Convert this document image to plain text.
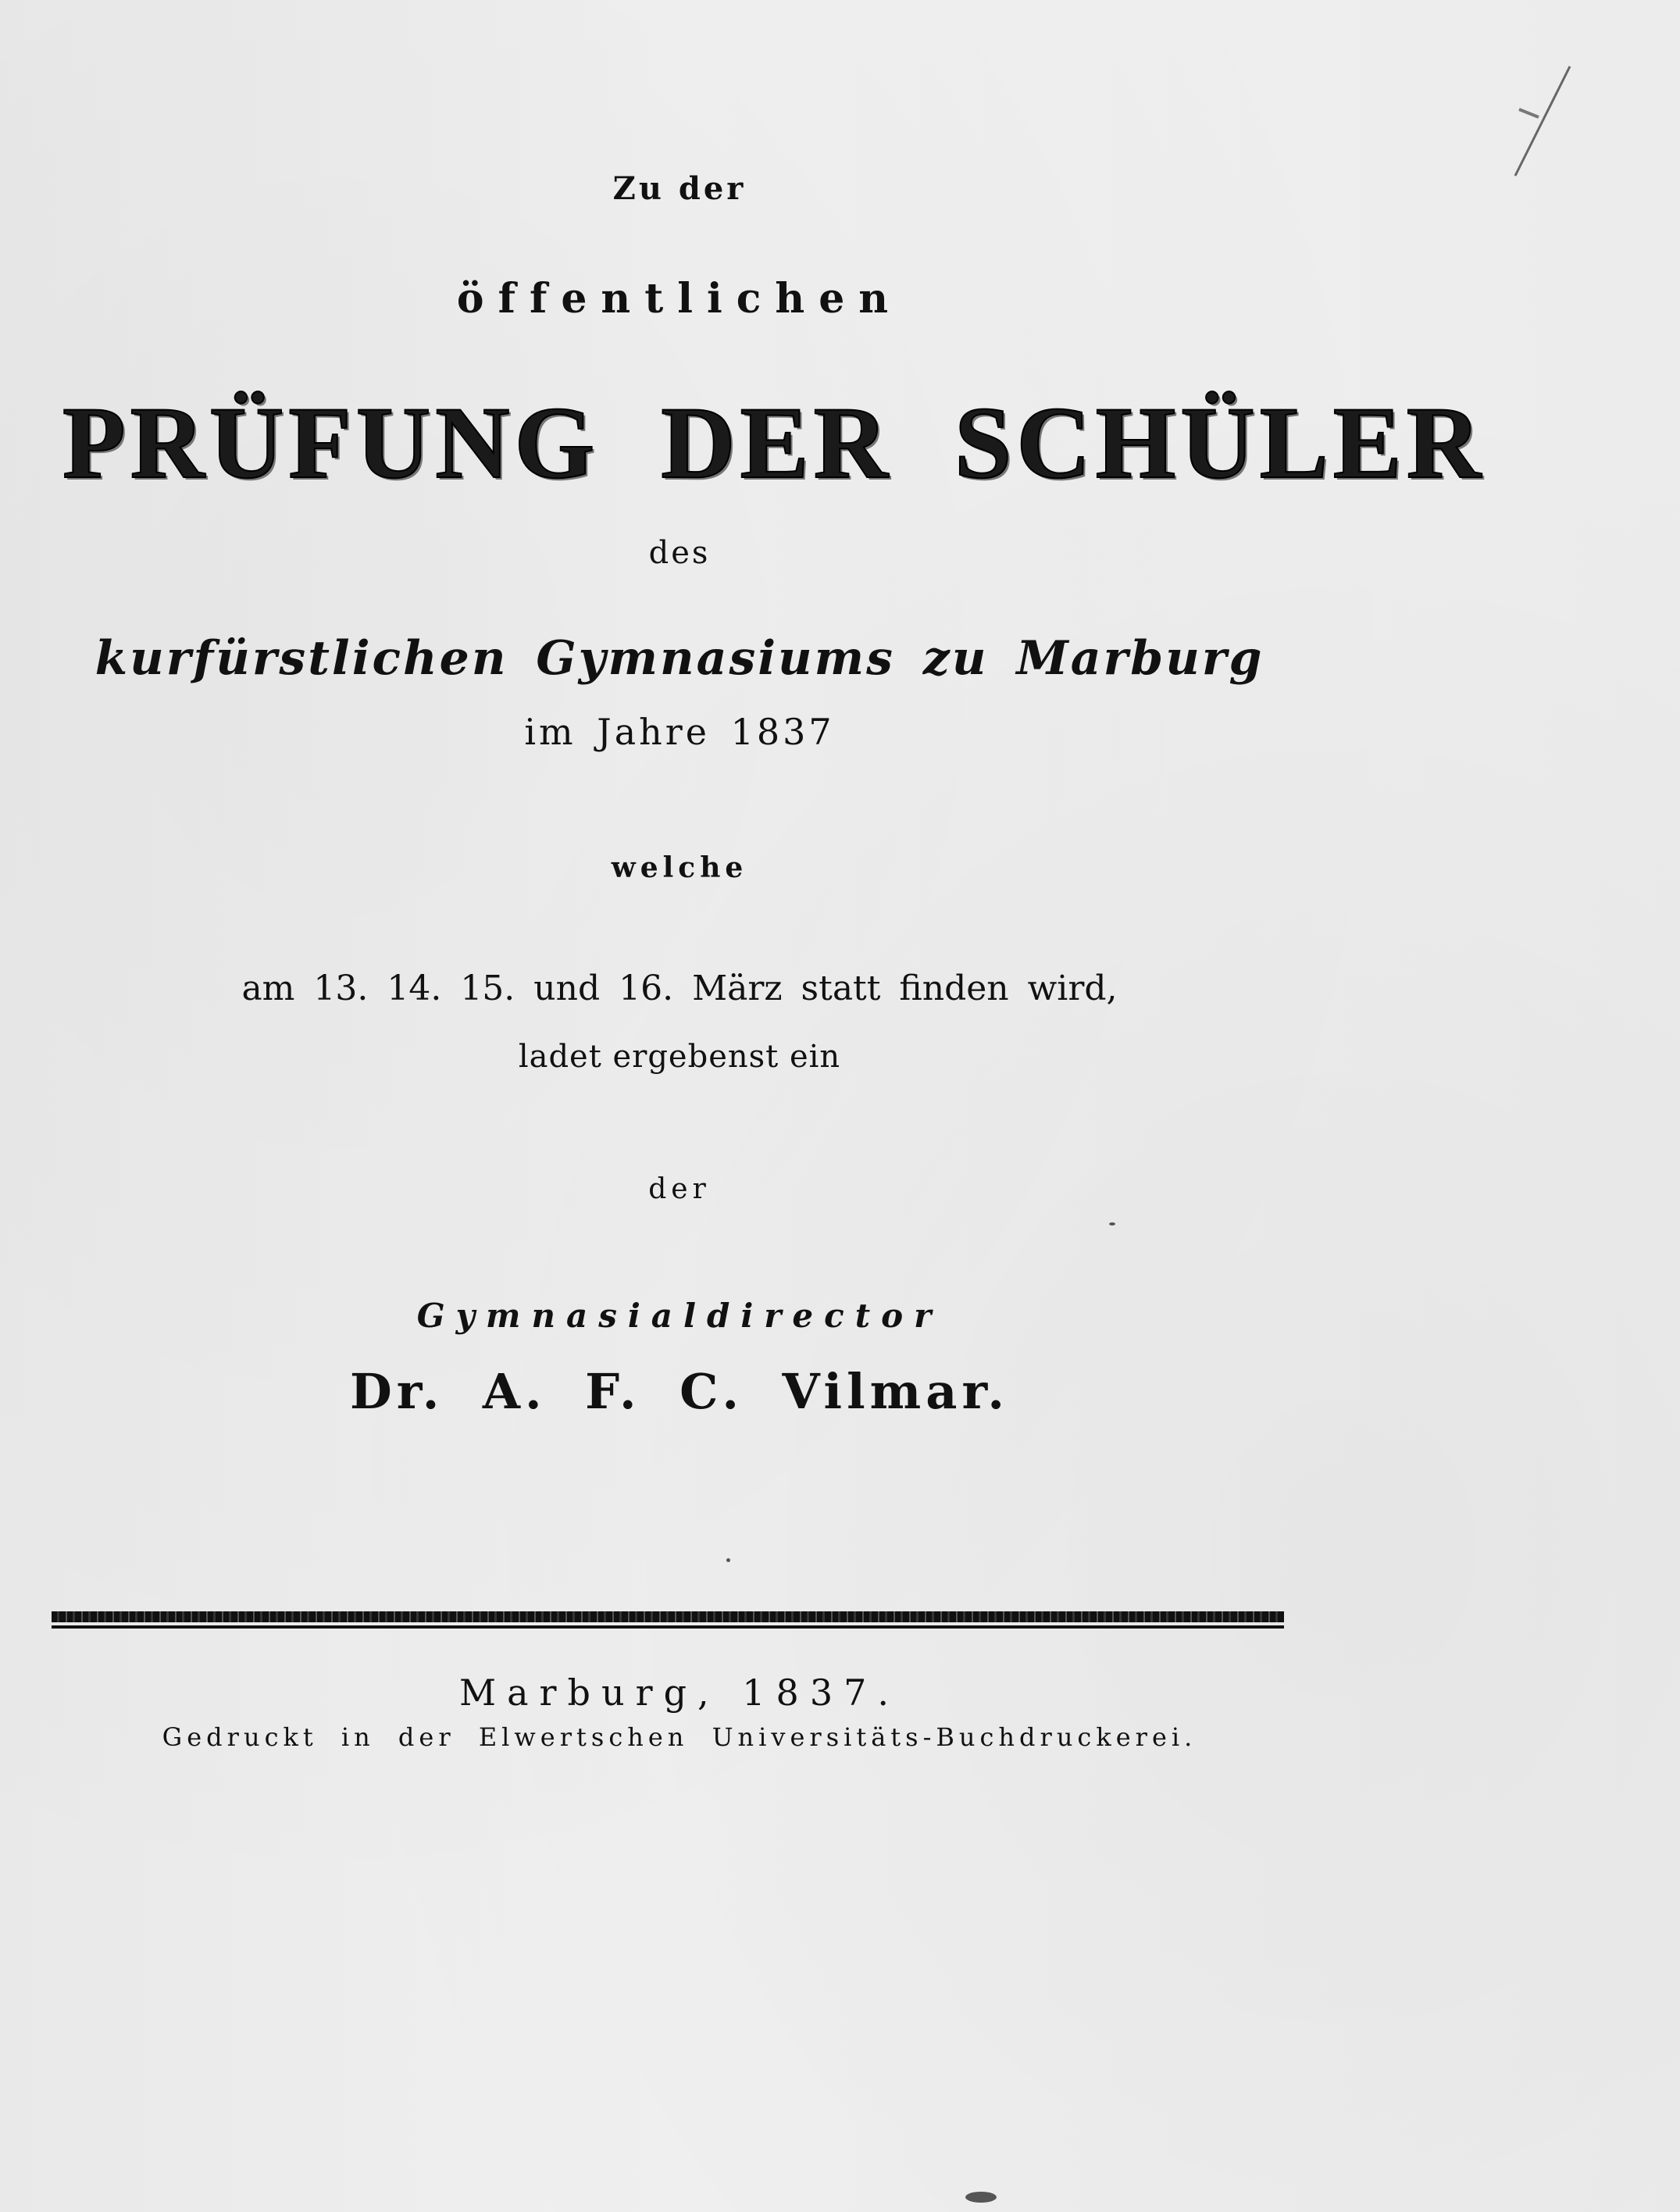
Zu der
öffentlichen
PRÜFUNG DER SCHÜLER
des
kurfürstlichen Gymnasiums zu Marburg
im Jahre 1837
welche
am 13. 14. 15. und 16. März statt finden wird,
ladet ergebenst ein
der
Gymnasialdirector
Dr. A. F. C. Vilmar.
Marburg, 1837.
Gedruckt in der Elwertschen Universitäts-Buchdruckerei.
